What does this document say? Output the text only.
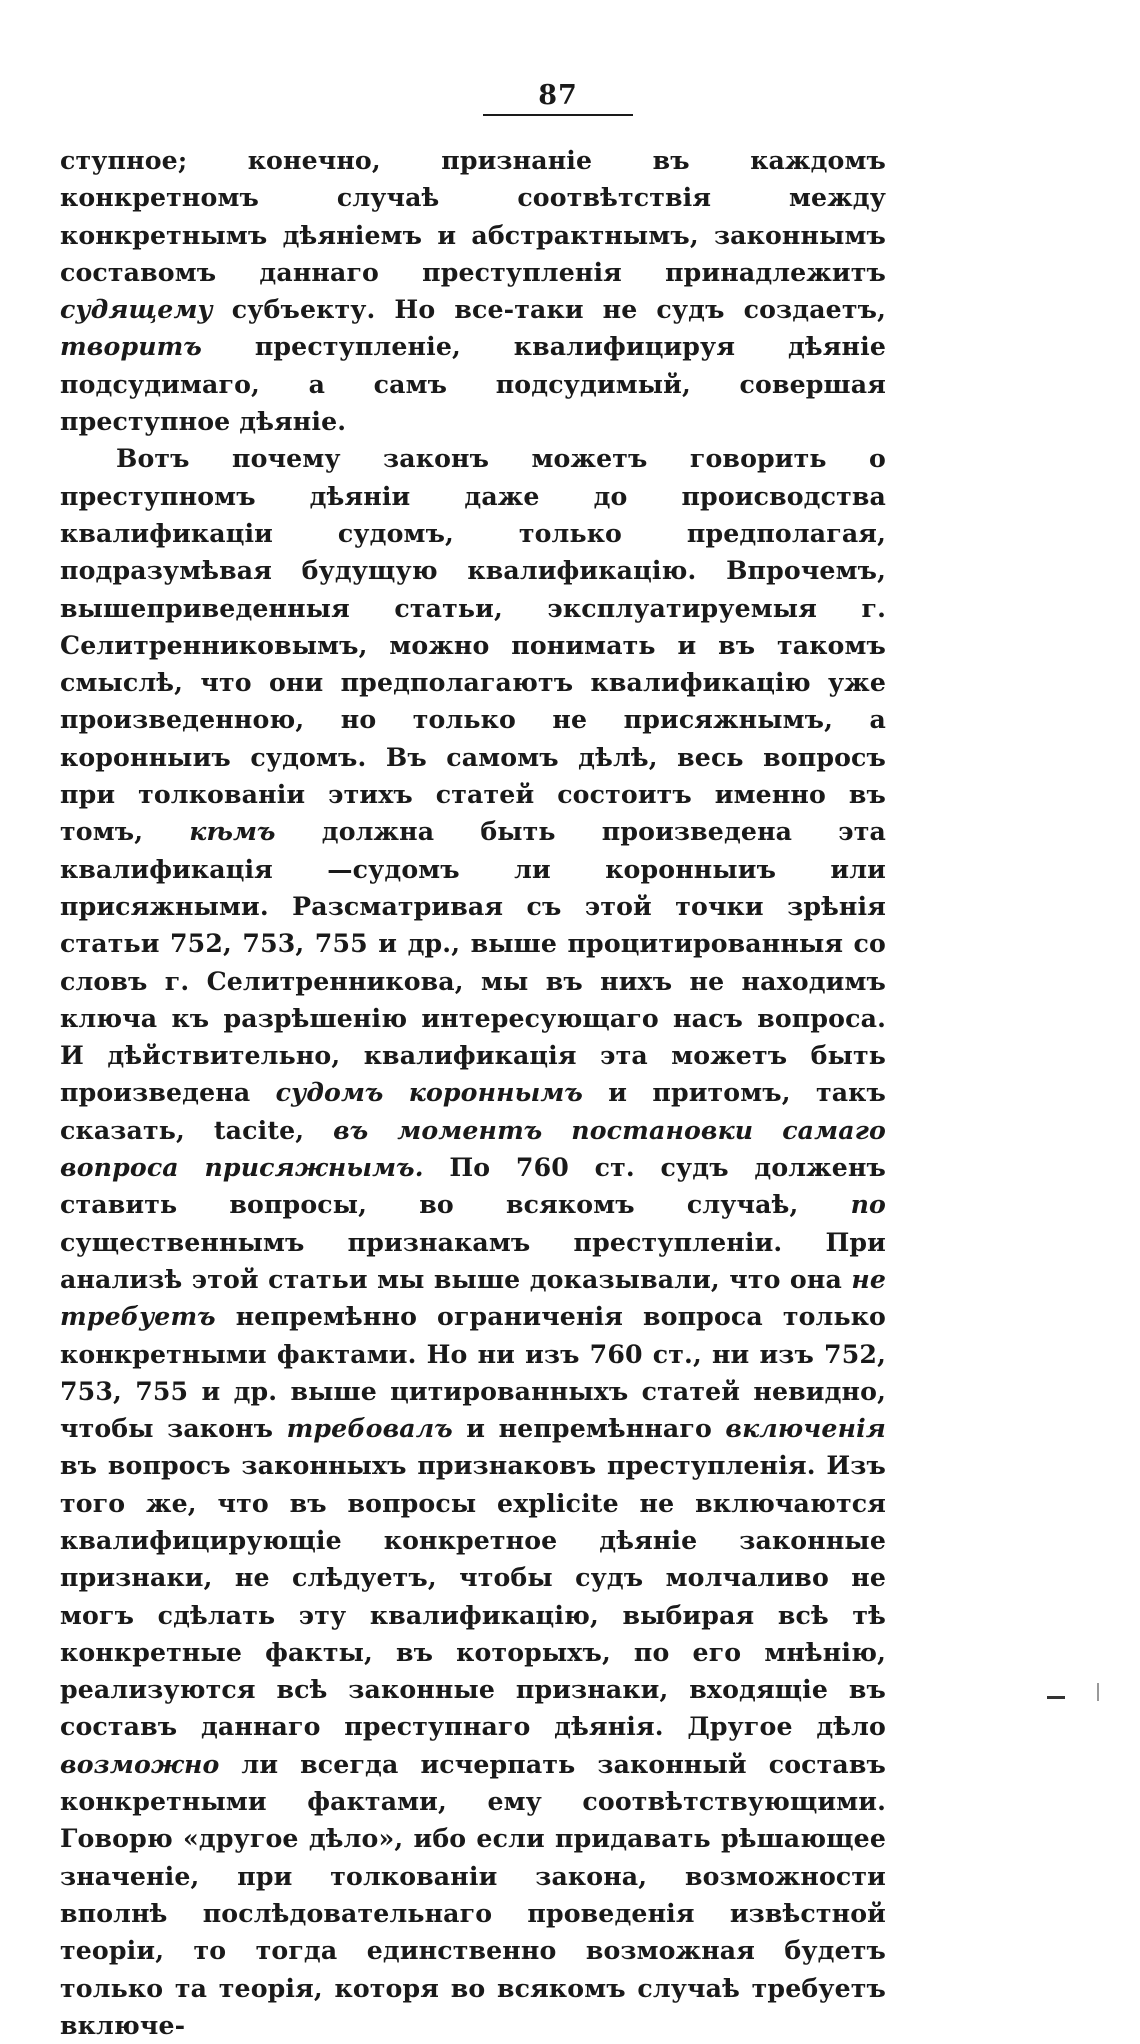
87

ступное; конечно, признаніе въ каждомъ конкретномъ случаѣ соотвѣтствія между конкретнымъ дѣяніемъ и абстрактнымъ, законнымъ составомъ даннаго преступленія принадлежитъ судящему субъекту. Но все-таки не судъ создаетъ, творитъ преступленіе, квалифицируя дѣяніе подсудимаго, а самъ подсудимый, совершая преступное дѣяніе.

Вотъ почему законъ можетъ говорить о преступномъ дѣяніи даже до происводства квалификаціи судомъ, только предполагая, подразумѣвая будущую квалификацію. Впрочемъ, вышеприведенныя статьи, эксплуатируемыя г. Селитренниковымъ, можно понимать и въ такомъ смыслѣ, что они предполагаютъ квалификацію уже произведенною, но только не присяжнымъ, а коронныиъ судомъ. Въ самомъ дѣлѣ, весь вопросъ при толкованіи этихъ статей состоитъ именно въ томъ, кѣмъ должна быть произведена эта квалификація —судомъ ли коронныиъ или присяжными. Разсматривая съ этой точки зрѣнія статьи 752, 753, 755 и др., выше процитированныя со словъ г. Селитренникова, мы въ нихъ не находимъ ключа къ разрѣшенію интересующаго насъ вопроса. И дѣйствительно, квалификація эта можетъ быть произведена судомъ короннымъ и притомъ, такъ сказать, tacite, въ моментъ постановки самаго вопроса присяжнымъ. По 760 ст. судъ долженъ ставить вопросы, во всякомъ случаѣ, по существеннымъ признакамъ преступленіи. При анализѣ этой статьи мы выше доказывали, что она не требуетъ непремѣнно ограниченія вопроса только конкретными фактами. Но ни изъ 760 ст., ни изъ 752, 753, 755 и др. выше цитированныхъ статей невидно, чтобы законъ требовалъ и непремѣннаго включенія въ вопросъ законныхъ признаковъ преступленія. Изъ того же, что въ вопросы explicite не включаются квалифицирующіе конкретное дѣяніе законные признаки, не слѣдуетъ, чтобы судъ молчаливо не могъ сдѣлать эту квалификацію, выбирая всѣ тѣ конкретные факты, въ которыхъ, по его мнѣнію, реализуются всѣ законные признаки, входящіе въ составъ даннаго преступнаго дѣянія. Другое дѣло возможно ли всегда исчерпать законный составъ конкретными фактами, ему соотвѣтствующими. Говорю «другое дѣло», ибо если придавать рѣшающее значеніе, при толкованіи закона, возможности вполнѣ послѣдовательнаго проведенія извѣстной теоріи, то тогда единственно возможная будетъ только та теорія, которя во всякомъ случаѣ требуетъ включе-
